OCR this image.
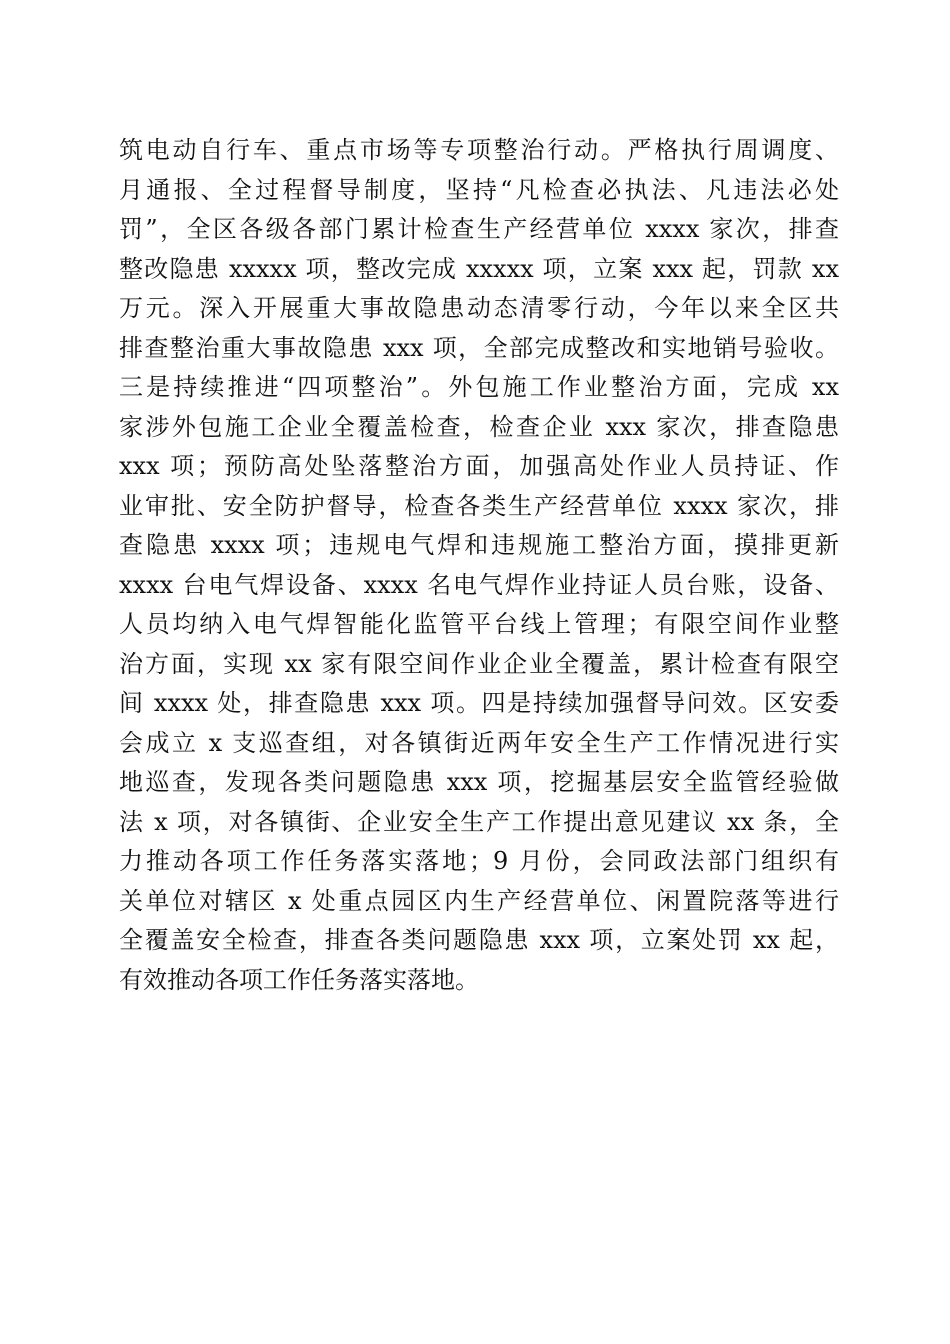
筑电动自行车、重点市场等专项整治行动。严格执行周调度、
月通报、全过程督导制度，坚持“凡检查必执法、凡违法必处
罚”，全区各级各部门累计检查生产经营单位 xxxx 家次，排查
整改隐患 xxxxx 项，整改完成 xxxxx 项，立案 xxx 起，罚款 xx
万元。深入开展重大事故隐患动态清零行动，今年以来全区共
排查整治重大事故隐患 xxx 项，全部完成整改和实地销号验收。
三是持续推进“四项整治”。外包施工作业整治方面，完成 xx
家涉外包施工企业全覆盖检查，检查企业 xxx 家次，排查隐患
xxx 项；预防高处坠落整治方面，加强高处作业人员持证、作
业审批、安全防护督导，检查各类生产经营单位 xxxx 家次，排
查隐患 xxxx 项；违规电气焊和违规施工整治方面，摸排更新
xxxx 台电气焊设备、xxxx 名电气焊作业持证人员台账，设备、
人员均纳入电气焊智能化监管平台线上管理；有限空间作业整
治方面，实现 xx 家有限空间作业企业全覆盖，累计检查有限空
间 xxxx 处，排查隐患 xxx 项。四是持续加强督导问效。区安委
会成立 x 支巡查组，对各镇街近两年安全生产工作情况进行实
地巡查，发现各类问题隐患 xxx 项，挖掘基层安全监管经验做
法 x 项，对各镇街、企业安全生产工作提出意见建议 xx 条，全
力推动各项工作任务落实落地；9 月份，会同政法部门组织有
关单位对辖区 x 处重点园区内生产经营单位、闲置院落等进行
全覆盖安全检查，排查各类问题隐患 xxx 项，立案处罚 xx 起，
有效推动各项工作任务落实落地。
